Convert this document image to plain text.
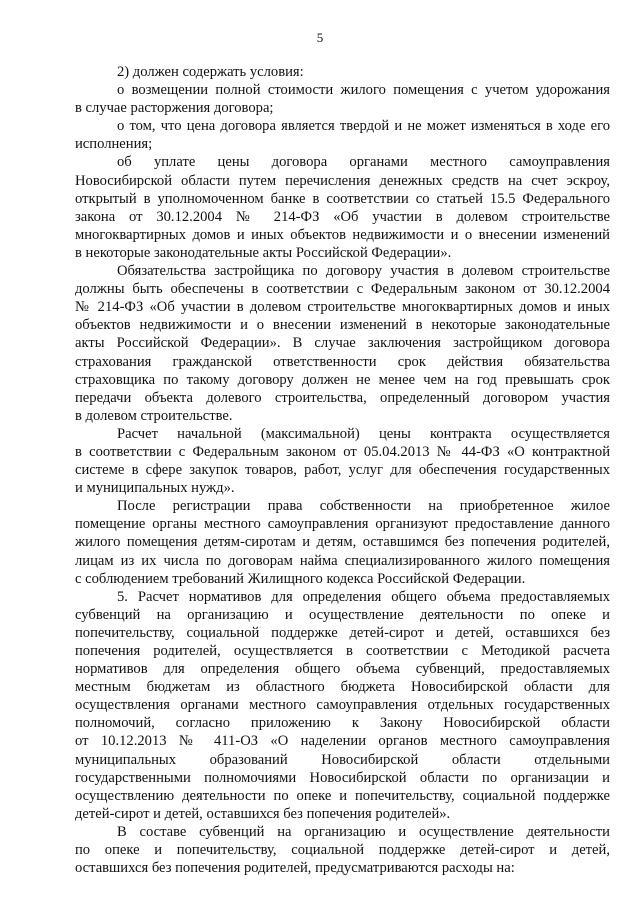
5
2) должен содержать условия:
о возмещении полной стоимости жилого помещения с учетом удорожания
в случае расторжения договора;
о том, что цена договора является твердой и не может изменяться в ходе его
исполнения;
об уплате цены договора органами местного самоуправления
Новосибирской области путем перечисления денежных средств на счет эскроу,
открытый в уполномоченном банке в соответствии со статьей 15.5 Федерального
закона от 30.12.2004 № 214-ФЗ «Об участии в долевом строительстве
многоквартирных домов и иных объектов недвижимости и о внесении изменений
в некоторые законодательные акты Российской Федерации».
Обязательства застройщика по договору участия в долевом строительстве
должны быть обеспечены в соответствии с Федеральным законом от 30.12.2004
№ 214-ФЗ «Об участии в долевом строительстве многоквартирных домов и иных
объектов недвижимости и о внесении изменений в некоторые законодательные
акты Российской Федерации». В случае заключения застройщиком договора
страхования гражданской ответственности срок действия обязательства
страховщика по такому договору должен не менее чем на год превышать срок
передачи объекта долевого строительства, определенный договором участия
в долевом строительстве.
Расчет начальной (максимальной) цены контракта осуществляется
в соответствии с Федеральным законом от 05.04.2013 № 44-ФЗ «О контрактной
системе в сфере закупок товаров, работ, услуг для обеспечения государственных
и муниципальных нужд».
После регистрации права собственности на приобретенное жилое
помещение органы местного самоуправления организуют предоставление данного
жилого помещения детям-сиротам и детям, оставшимся без попечения родителей,
лицам из их числа по договорам найма специализированного жилого помещения
с соблюдением требований Жилищного кодекса Российской Федерации.
5. Расчет нормативов для определения общего объема предоставляемых
субвенций на организацию и осуществление деятельности по опеке и
попечительству, социальной поддержке детей-сирот и детей, оставшихся без
попечения родителей, осуществляется в соответствии с Методикой расчета
нормативов для определения общего объема субвенций, предоставляемых
местным бюджетам из областного бюджета Новосибирской области для
осуществления органами местного самоуправления отдельных государственных
полномочий, согласно приложению к Закону Новосибирской области
от 10.12.2013 № 411-ОЗ «О наделении органов местного самоуправления
муниципальных образований Новосибирской области отдельными
государственными полномочиями Новосибирской области по организации и
осуществлению деятельности по опеке и попечительству, социальной поддержке
детей-сирот и детей, оставшихся без попечения родителей».
В составе субвенций на организацию и осуществление деятельности
по опеке и попечительству, социальной поддержке детей-сирот и детей,
оставшихся без попечения родителей, предусматриваются расходы на:
